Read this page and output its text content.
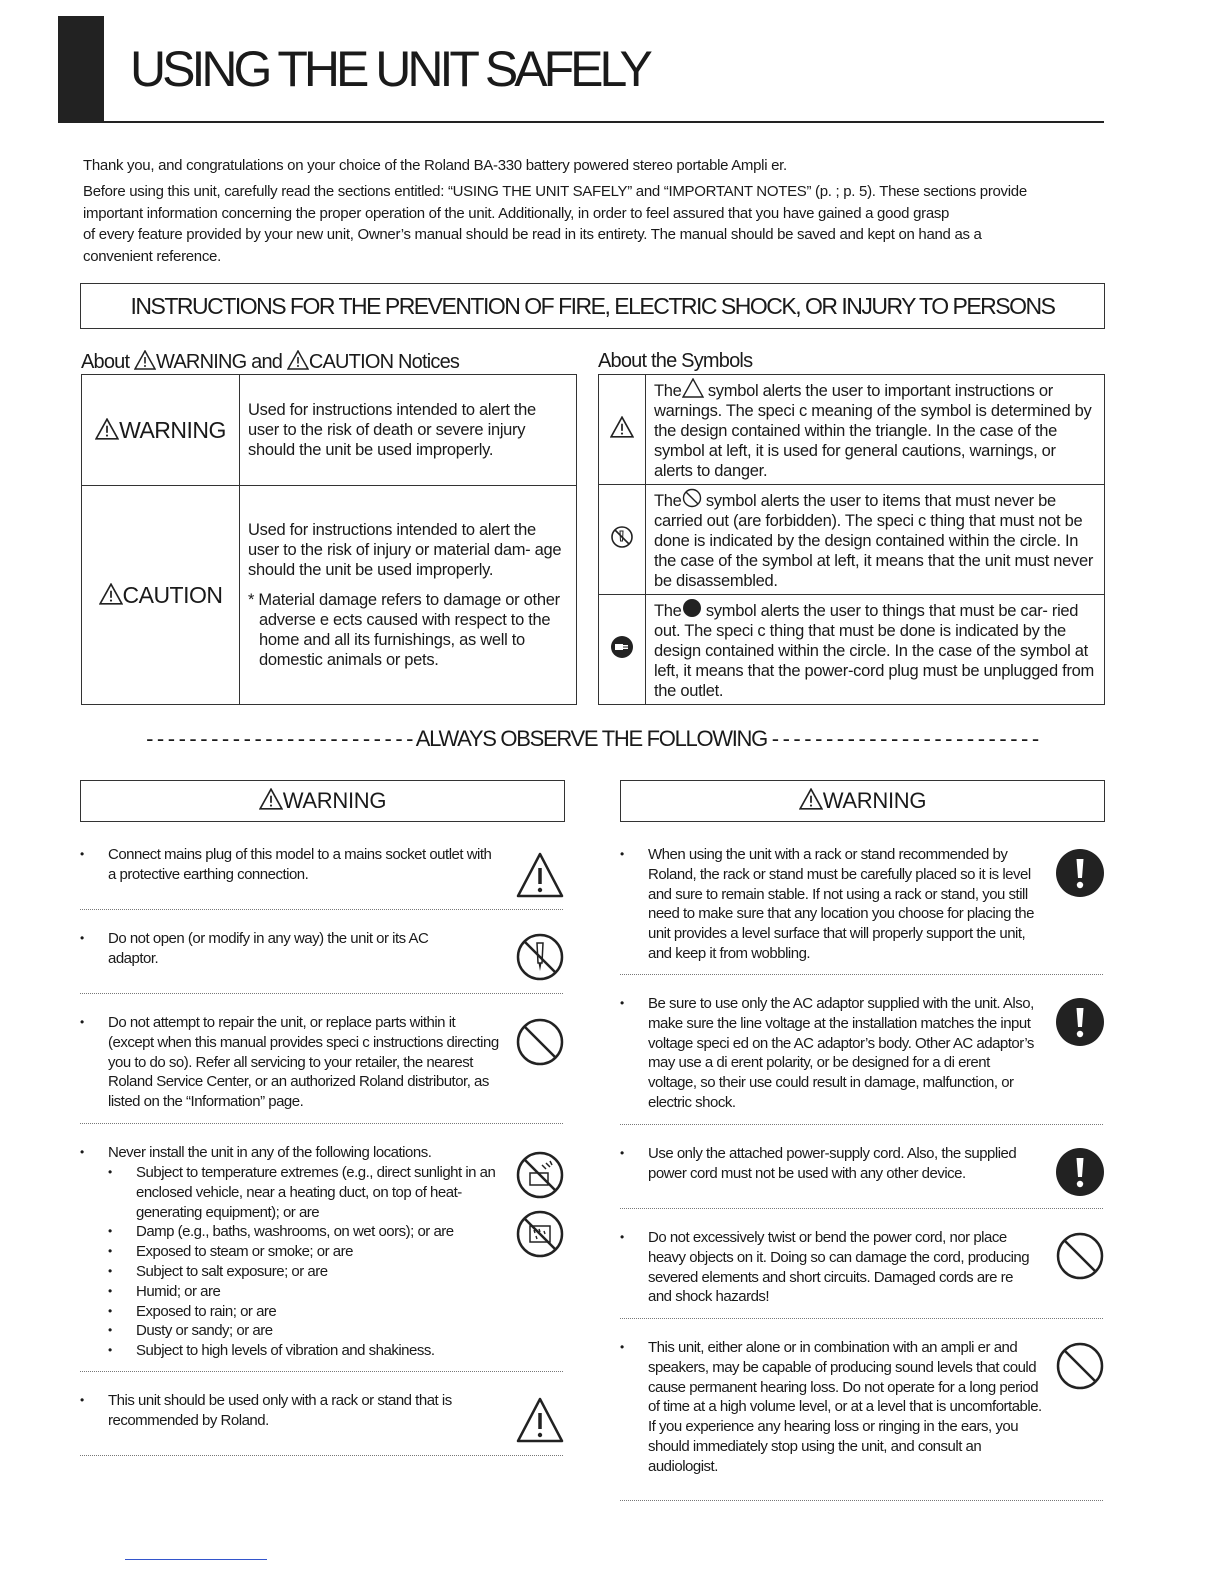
USING THE UNIT SAFELY
Thank you, and congratulations on your choice of the Roland BA-330 battery powered stereo portable Ampli er.
Before using this unit, carefully read the sections entitled: “USING THE UNIT SAFELY” and “IMPORTANT NOTES” (p. ; p. 5). These sections provide
important information concerning the proper operation of the unit. Additionally, in order to feel assured that you have gained a good grasp
of every feature provided by your new unit, Owner’s manual should be read in its entirety. The manual should be saved and kept on hand as a
convenient reference.
INSTRUCTIONS FOR THE PREVENTION OF FIRE, ELECTRIC SHOCK, OR INJURY TO PERSONS
About WARNING and CAUTION Notices
WARNING	Used for instructions intended to alert the user to the risk of death or severe injury should the unit be used improperly.
CAUTION	Used for instructions intended to alert the user to the risk of injury or material dam- age should the unit be used improperly.
* Material damage refers to damage or other adverse e ects caused with respect to the home and all its furnishings, as well to domestic animals or pets.
About the Symbols
	The symbol alerts the user to important instructions or warnings. The speci c meaning of the symbol is determined by the design contained within the triangle. In the case of the symbol at left, it is used for general cautions, warnings, or alerts to danger.
	The symbol alerts the user to items that must never be carried out (are forbidden). The speci c thing that must not be done is indicated by the design contained within the circle. In the case of the symbol at left, it means that the unit must never be disassembled.
	The symbol alerts the user to things that must be car- ried out. The speci c thing that must be done is indicated by the design contained within the circle. In the case of the symbol at left, it means that the power-cord plug must be unplugged from the outlet.
- - - - - - - - - - - - - - - - - - - - - - - - - ALWAYS OBSERVE THE FOLLOWING - - - - - - - - - - - - - - - - - - - - - - - - -
WARNING	WARNING
• Connect mains plug of this model to a mains socket outlet with a protective earthing connection.
• Do not open (or modify in any way) the unit or its AC adaptor.
• Do not attempt to repair the unit, or replace parts within it (except when this manual provides speci c instructions directing you to do so). Refer all servicing to your retailer, the nearest Roland Service Center, or an authorized Roland distributor, as listed on the “Information” page.
• Never install the unit in any of the following locations.
• Subject to temperature extremes (e.g., direct sunlight in an enclosed vehicle, near a heating duct, on top of heat-generating equipment); or are
• Damp (e.g., baths, washrooms, on wet oors); or are
• Exposed to steam or smoke; or are
• Subject to salt exposure; or are
• Humid; or are
• Exposed to rain; or are
• Dusty or sandy; or are
• Subject to high levels of vibration and shakiness.
• This unit should be used only with a rack or stand that is recommended by Roland.
• When using the unit with a rack or stand recommended by Roland, the rack or stand must be carefully placed so it is level and sure to remain stable. If not using a rack or stand, you still need to make sure that any location you choose for placing the unit provides a level surface that will properly support the unit, and keep it from wobbling.
• Be sure to use only the AC adaptor supplied with the unit. Also, make sure the line voltage at the installation matches the input voltage speci ed on the AC adaptor’s body. Other AC adaptor’s may use a di erent polarity, or be designed for a di erent voltage, so their use could result in damage, malfunction, or electric shock.
• Use only the attached power-supply cord. Also, the supplied power cord must not be used with any other device.
• Do not excessively twist or bend the power cord, nor place heavy objects on it. Doing so can damage the cord, producing severed elements and short circuits. Damaged cords are re and shock hazards!
• This unit, either alone or in combination with an ampli er and speakers, may be capable of producing sound levels that could cause permanent hearing loss. Do not operate for a long period of time at a high volume level, or at a level that is uncomfortable. If you experience any hearing loss or ringing in the ears, you should immediately stop using the unit, and consult an audiologist.
